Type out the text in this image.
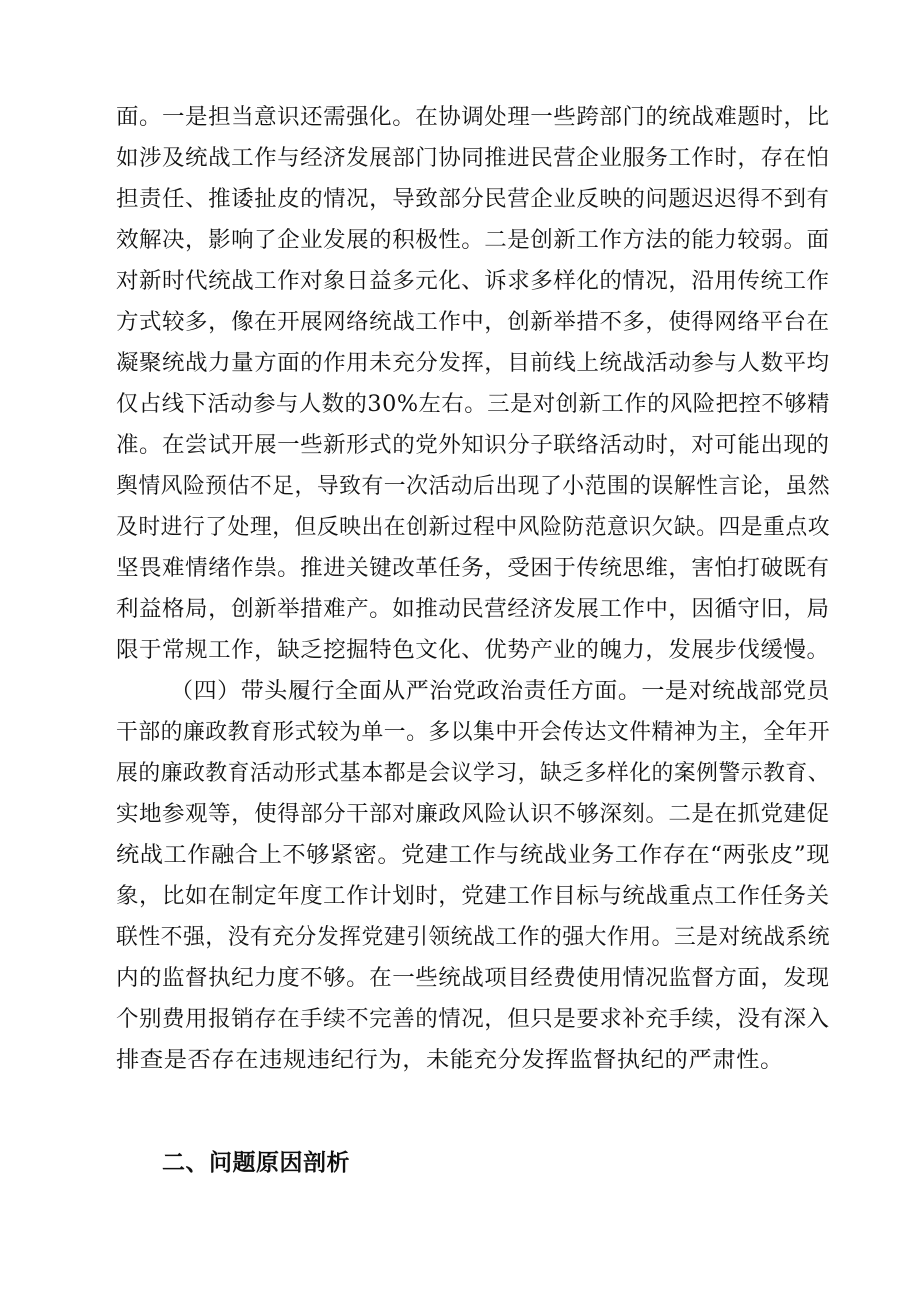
面。一是担当意识还需强化。在协调处理一些跨部门的统战难题时，比
如涉及统战工作与经济发展部门协同推进民营企业服务工作时，存在怕
担责任、推诿扯皮的情况，导致部分民营企业反映的问题迟迟得不到有
效解决，影响了企业发展的积极性。二是创新工作方法的能力较弱。面
对新时代统战工作对象日益多元化、诉求多样化的情况，沿用传统工作
方式较多，像在开展网络统战工作中，创新举措不多，使得网络平台在
凝聚统战力量方面的作用未充分发挥，目前线上统战活动参与人数平均
仅占线下活动参与人数的30%左右。三是对创新工作的风险把控不够精
准。在尝试开展一些新形式的党外知识分子联络活动时，对可能出现的
舆情风险预估不足，导致有一次活动后出现了小范围的误解性言论，虽然
及时进行了处理，但反映出在创新过程中风险防范意识欠缺。四是重点攻
坚畏难情绪作祟。推进关键改革任务，受困于传统思维，害怕打破既有
利益格局，创新举措难产。如推动民营经济发展工作中，因循守旧，局
限于常规工作，缺乏挖掘特色文化、优势产业的魄力，发展步伐缓慢。
（四）带头履行全面从严治党政治责任方面。一是对统战部党员
干部的廉政教育形式较为单一。多以集中开会传达文件精神为主，全年开
展的廉政教育活动形式基本都是会议学习，缺乏多样化的案例警示教育、
实地参观等，使得部分干部对廉政风险认识不够深刻。二是在抓党建促
统战工作融合上不够紧密。党建工作与统战业务工作存在“两张皮”现
象，比如在制定年度工作计划时，党建工作目标与统战重点工作任务关
联性不强，没有充分发挥党建引领统战工作的强大作用。三是对统战系统
内的监督执纪力度不够。在一些统战项目经费使用情况监督方面，发现
个别费用报销存在手续不完善的情况，但只是要求补充手续，没有深入
排查是否存在违规违纪行为，未能充分发挥监督执纪的严肃性。
二、问题原因剖析
